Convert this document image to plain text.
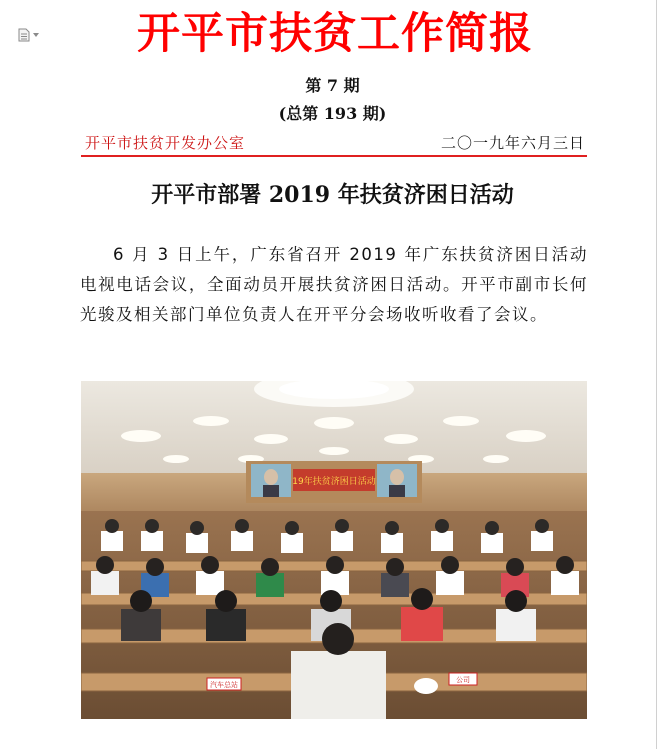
开平市扶贫工作简报
第 7 期
(总第 193 期)
开平市扶贫开发办公室	二〇一九年六月三日
开平市部署 2019 年扶贫济困日活动
6 月 3 日上午，广东省召开 2019 年广东扶贫济困日活动电视电话会议，全面动员开展扶贫济困日活动。开平市副市长何光骏及相关部门单位负责人在开平分会场收听收看了会议。
19年扶贫济困日活动
汽车总站
公司
